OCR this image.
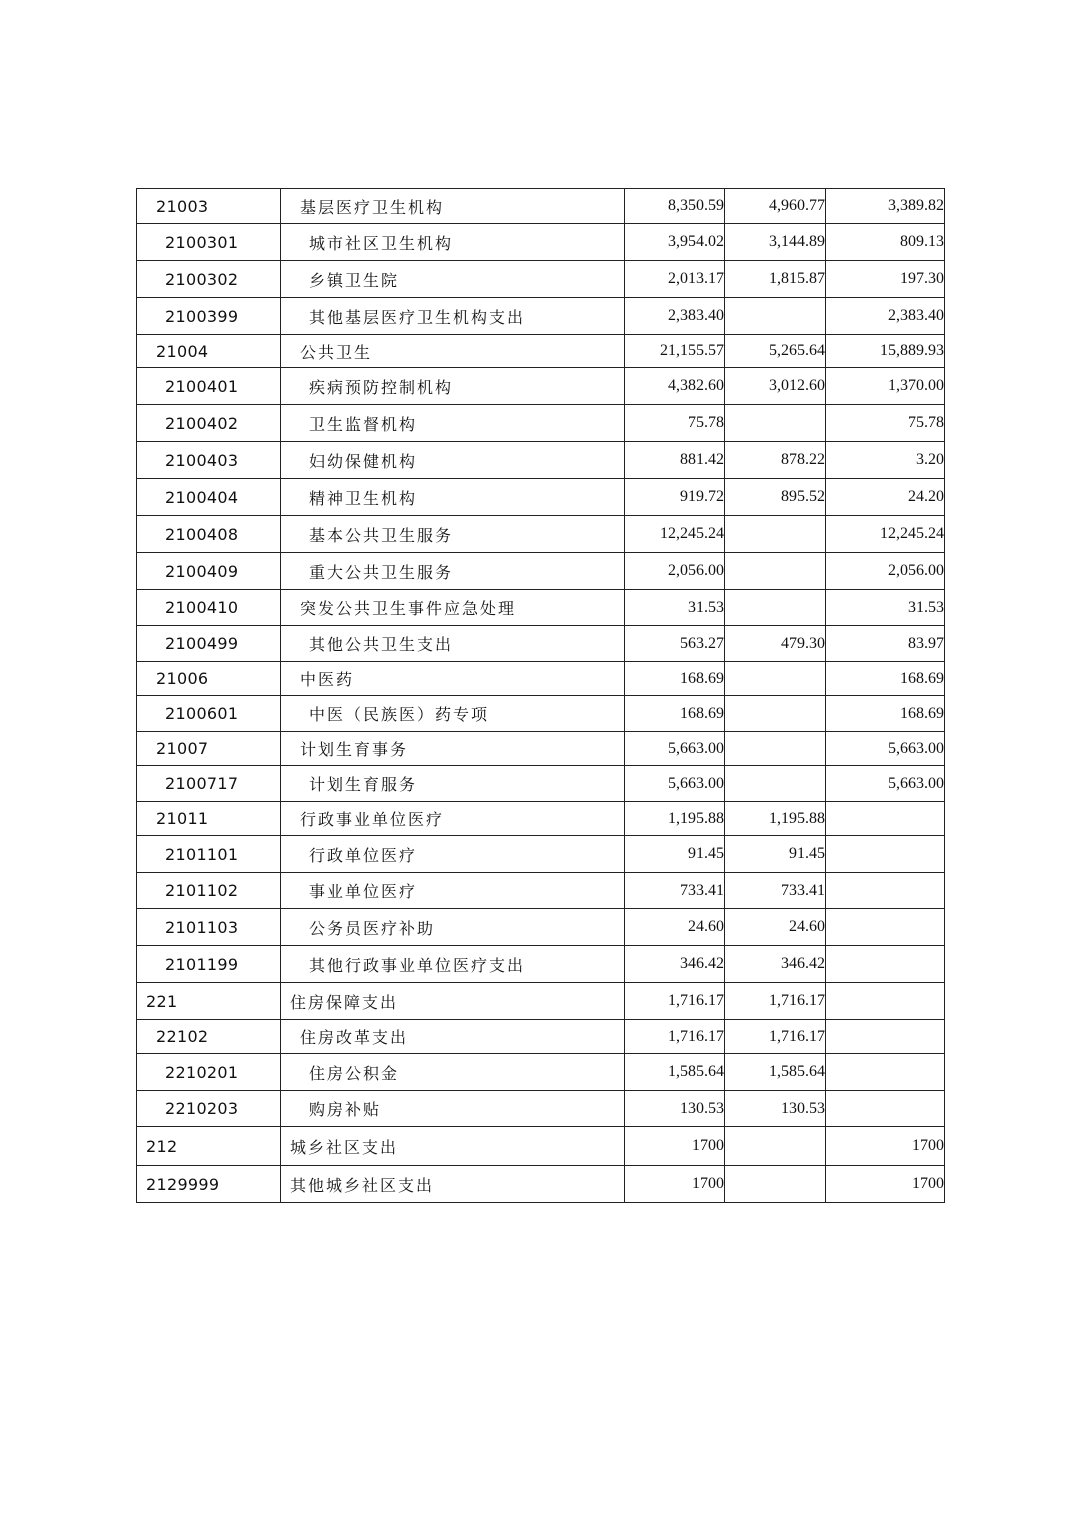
21003	基层医疗卫生机构	8,350.59	4,960.77	3,389.82
2100301	城市社区卫生机构	3,954.02	3,144.89	809.13
2100302	乡镇卫生院	2,013.17	1,815.87	197.30
2100399	其他基层医疗卫生机构支出	2,383.40		2,383.40
21004	公共卫生	21,155.57	5,265.64	15,889.93
2100401	疾病预防控制机构	4,382.60	3,012.60	1,370.00
2100402	卫生监督机构	75.78		75.78
2100403	妇幼保健机构	881.42	878.22	3.20
2100404	精神卫生机构	919.72	895.52	24.20
2100408	基本公共卫生服务	12,245.24		12,245.24
2100409	重大公共卫生服务	2,056.00		2,056.00
2100410	突发公共卫生事件应急处理	31.53		31.53
2100499	其他公共卫生支出	563.27	479.30	83.97
21006	中医药	168.69		168.69
2100601	中医（民族医）药专项	168.69		168.69
21007	计划生育事务	5,663.00		5,663.00
2100717	计划生育服务	5,663.00		5,663.00
21011	行政事业单位医疗	1,195.88	1,195.88	
2101101	行政单位医疗	91.45	91.45	
2101102	事业单位医疗	733.41	733.41	
2101103	公务员医疗补助	24.60	24.60	
2101199	其他行政事业单位医疗支出	346.42	346.42	
221	住房保障支出	1,716.17	1,716.17	
22102	住房改革支出	1,716.17	1,716.17	
2210201	住房公积金	1,585.64	1,585.64	
2210203	购房补贴	130.53	130.53	
212	城乡社区支出	1700		1700
2129999	其他城乡社区支出	1700		1700
